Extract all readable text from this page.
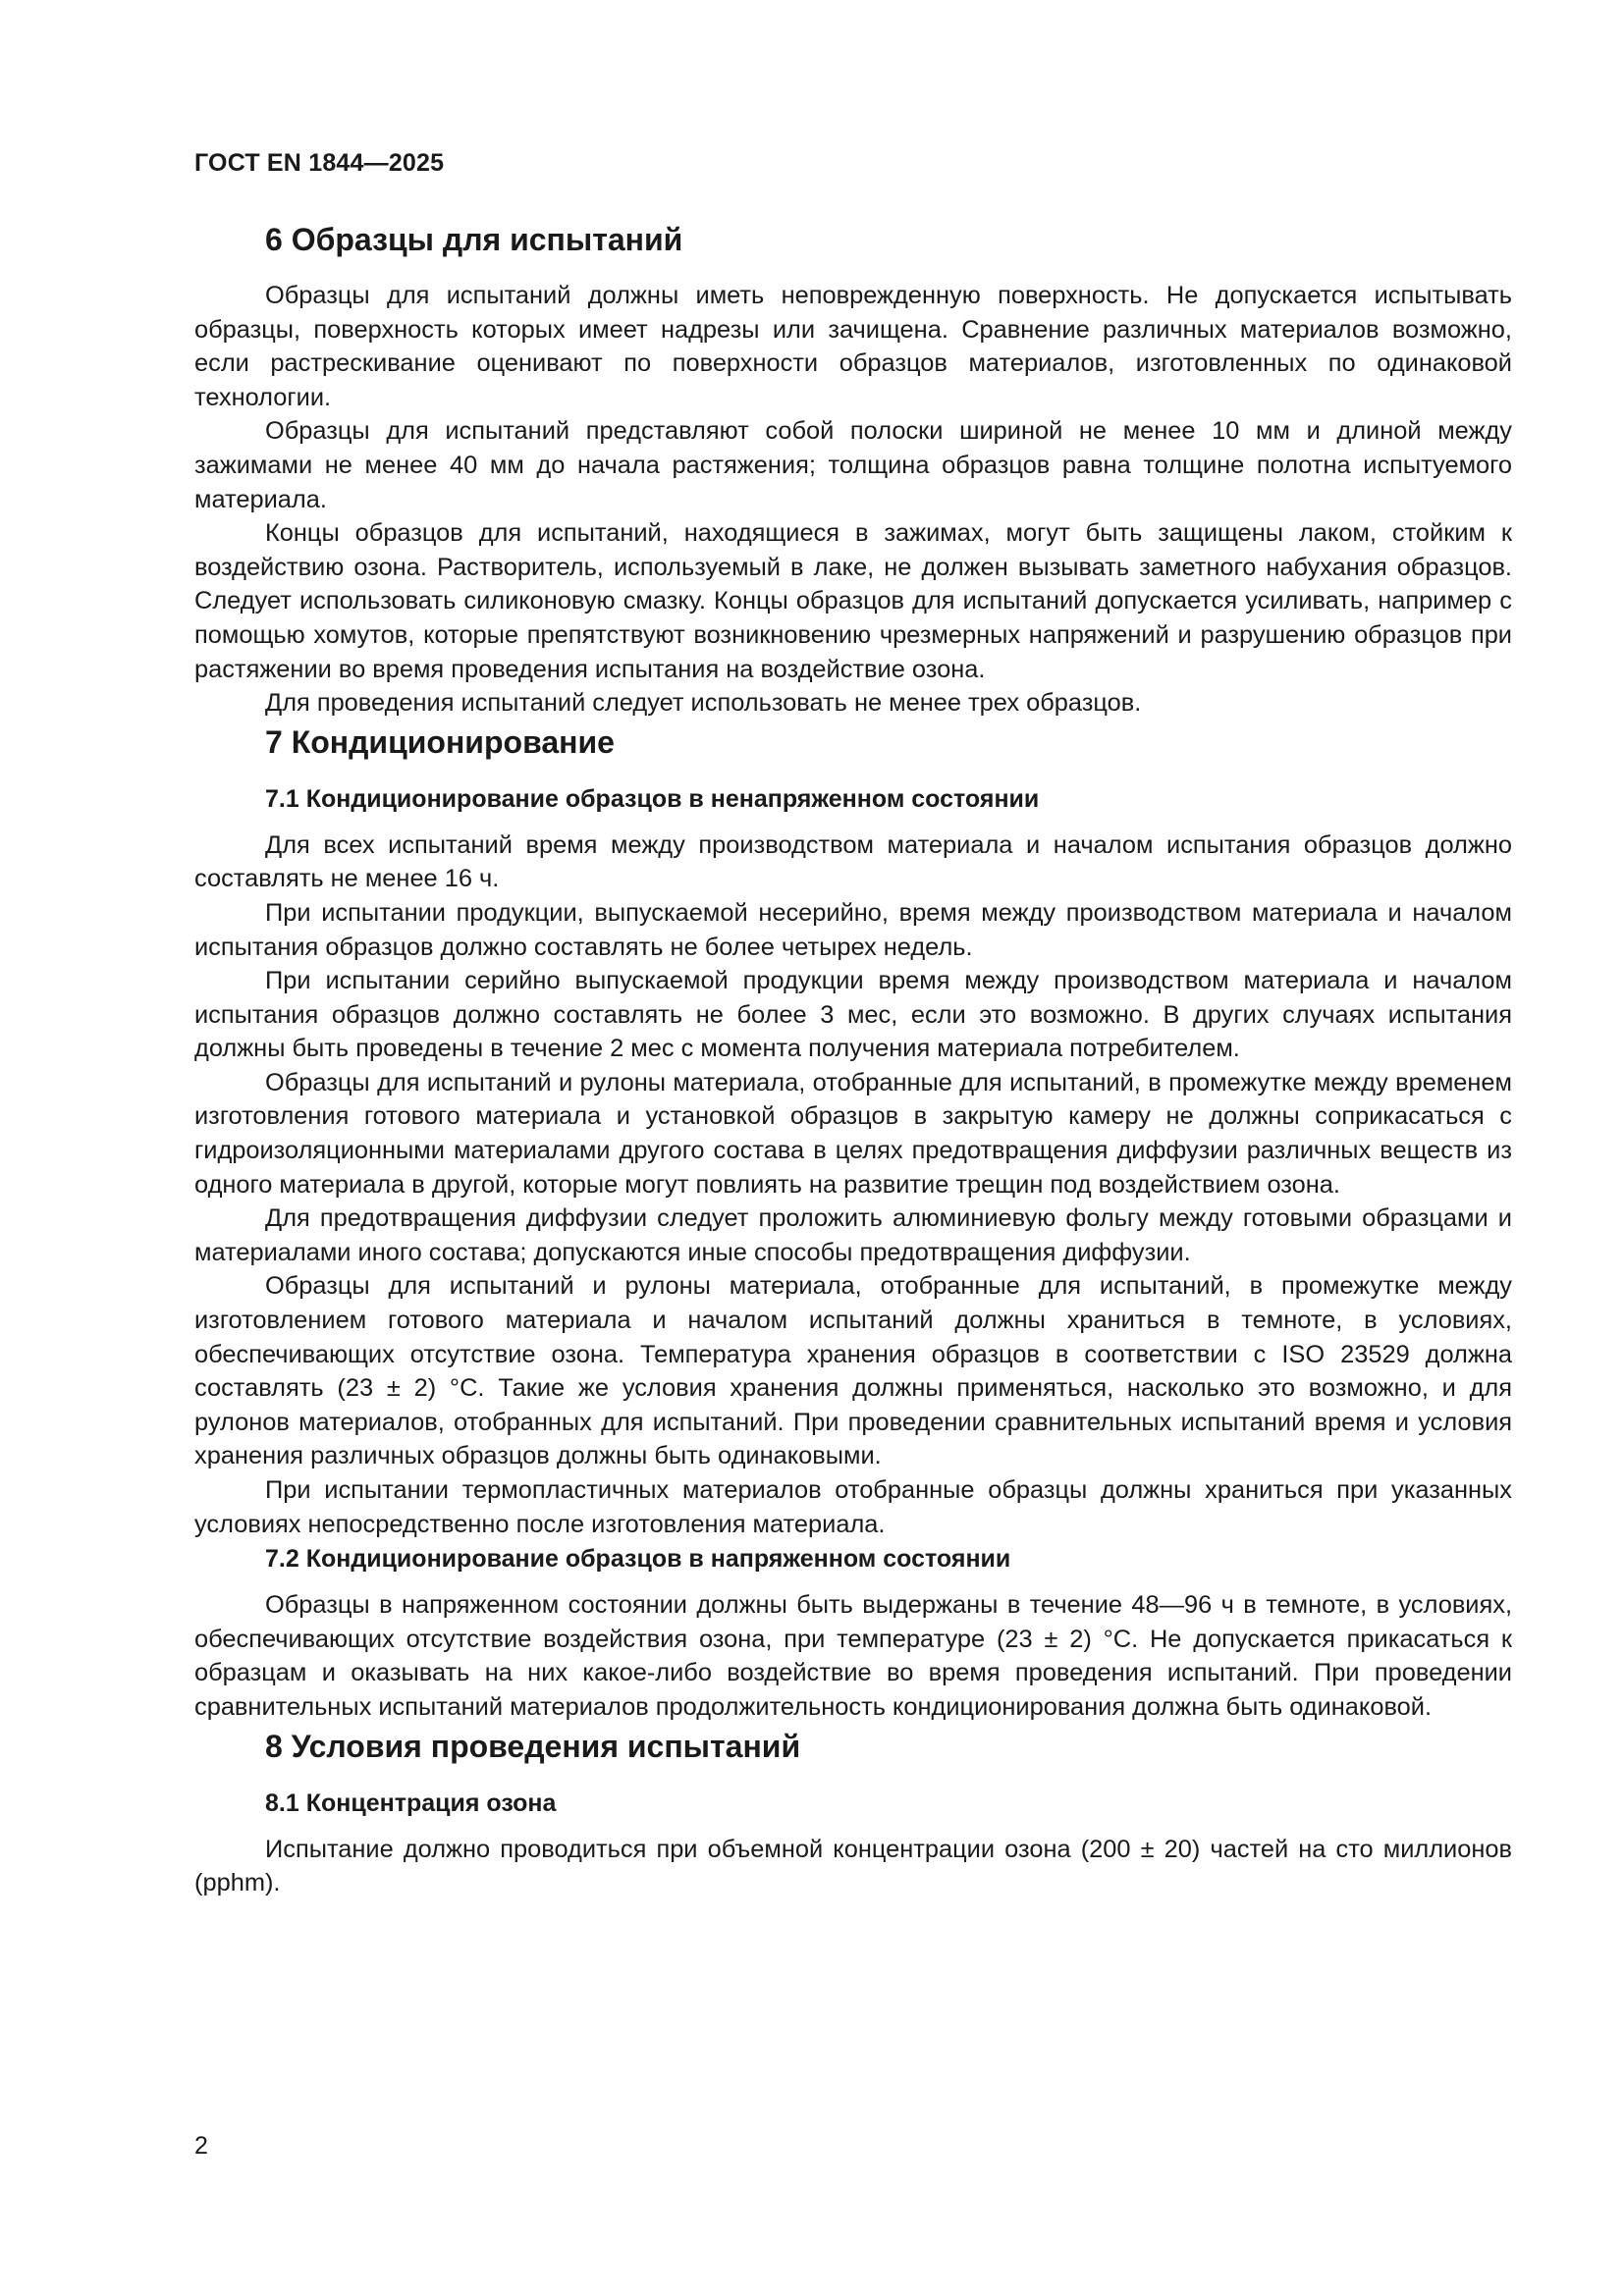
ГОСТ EN 1844—2025
6 Образцы для испытаний

Образцы для испытаний должны иметь неповрежденную поверхность. Не допускается испытывать образцы, поверхность которых имеет надрезы или зачищена. Сравнение различных материалов возможно, если растрескивание оценивают по поверхности образцов материалов, изготовленных по одинаковой технологии.

Образцы для испытаний представляют собой полоски шириной не менее 10 мм и длиной между зажимами не менее 40 мм до начала растяжения; толщина образцов равна толщине полотна испытуемого материала.

Концы образцов для испытаний, находящиеся в зажимах, могут быть защищены лаком, стойким к воздействию озона. Растворитель, используемый в лаке, не должен вызывать заметного набухания образцов. Следует использовать силиконовую смазку. Концы образцов для испытаний допускается усиливать, например с помощью хомутов, которые препятствуют возникновению чрезмерных напряжений и разрушению образцов при растяжении во время проведения испытания на воздействие озона.

Для проведения испытаний следует использовать не менее трех образцов.

7 Кондиционирование
7.1 Кондиционирование образцов в ненапряженном состоянии

Для всех испытаний время между производством материала и началом испытания образцов должно составлять не менее 16 ч.

При испытании продукции, выпускаемой несерийно, время между производством материала и началом испытания образцов должно составлять не более четырех недель.

При испытании серийно выпускаемой продукции время между производством материала и началом испытания образцов должно составлять не более 3 мес, если это возможно. В других случаях испытания должны быть проведены в течение 2 мес с момента получения материала потребителем.

Образцы для испытаний и рулоны материала, отобранные для испытаний, в промежутке между временем изготовления готового материала и установкой образцов в закрытую камеру не должны соприкасаться с гидроизоляционными материалами другого состава в целях предотвращения диффузии различных веществ из одного материала в другой, которые могут повлиять на развитие трещин под воздействием озона.

Для предотвращения диффузии следует проложить алюминиевую фольгу между готовыми образцами и материалами иного состава; допускаются иные способы предотвращения диффузии.

Образцы для испытаний и рулоны материала, отобранные для испытаний, в промежутке между изготовлением готового материала и началом испытаний должны храниться в темноте, в условиях, обеспечивающих отсутствие озона. Температура хранения образцов в соответствии с ISO 23529 должна составлять (23 ± 2) °C. Такие же условия хранения должны применяться, насколько это возможно, и для рулонов материалов, отобранных для испытаний. При проведении сравнительных испытаний время и условия хранения различных образцов должны быть одинаковыми.

При испытании термопластичных материалов отобранные образцы должны храниться при указанных условиях непосредственно после изготовления материала.

7.2 Кондиционирование образцов в напряженном состоянии

Образцы в напряженном состоянии должны быть выдержаны в течение 48—96 ч в темноте, в условиях, обеспечивающих отсутствие воздействия озона, при температуре (23 ± 2) °C. Не допускается прикасаться к образцам и оказывать на них какое-либо воздействие во время проведения испытаний. При проведении сравнительных испытаний материалов продолжительность кондиционирования должна быть одинаковой.

8 Условия проведения испытаний
8.1 Концентрация озона

Испытание должно проводиться при объемной концентрации озона (200 ± 20) частей на сто миллионов (pphm).

2
